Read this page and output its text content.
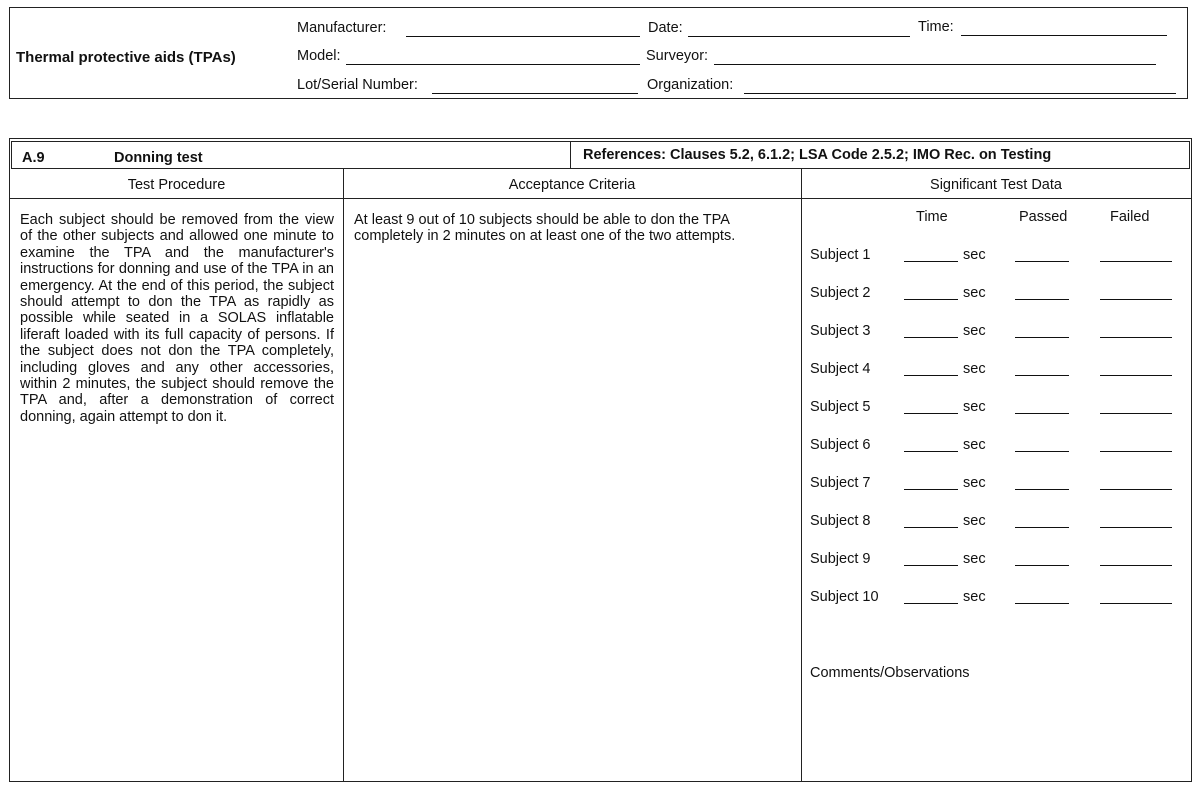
Thermal protective aids (TPAs)
Manufacturer:	Date:	Time:
Model:	Surveyor:
Lot/Serial Number:	Organization:
A.9	Donning test	References: Clauses 5.2, 6.1.2; LSA Code 2.5.2; IMO Rec. on Testing
Test Procedure	Acceptance Criteria	Significant Test Data
Each subject should be removed from the view of the other subjects and allowed one minute to examine the TPA and the manufacturer's instructions for donning and use of the TPA in an emergency. At the end of this period, the subject should attempt to don the TPA as rapidly as possible while seated in a SOLAS inflatable liferaft loaded with its full capacity of persons. If the subject does not don the TPA completely, including gloves and any other accessories, within 2 minutes, the subject should remove the TPA and, after a demonstration of correct donning, again attempt to don it.
At least 9 out of 10 subjects should be able to don the TPA completely in 2 minutes on at least one of the two attempts.
Time	Passed	Failed
Subject 1	sec
Subject 2	sec
Subject 3	sec
Subject 4	sec
Subject 5	sec
Subject 6	sec
Subject 7	sec
Subject 8	sec
Subject 9	sec
Subject 10	sec
Comments/Observations
